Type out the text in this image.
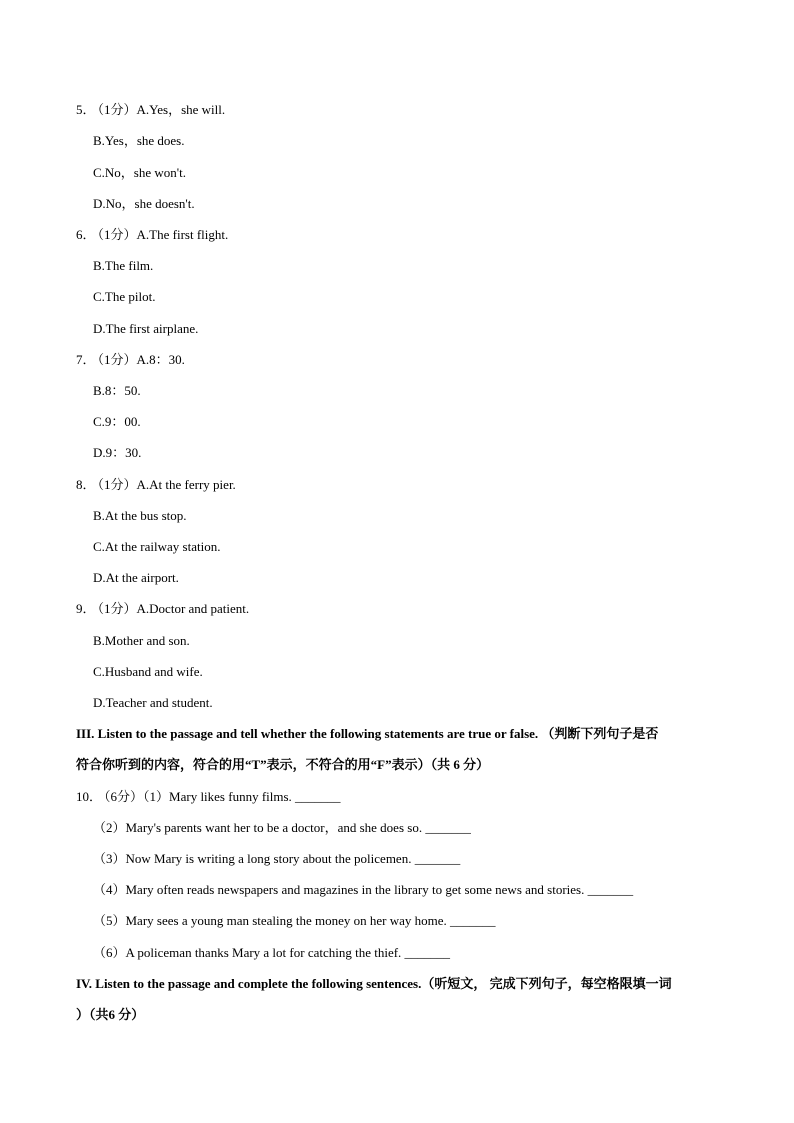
5． （1分）A.Yes，she will.
B.Yes，she does.
C.No，she won't.
D.No，she doesn't.
6． （1分）A.The first flight.
B.The film.
C.The pilot.
D.The first airplane.
7． （1分）A.8：30.
B.8：50.
C.9：00.
D.9：30.
8． （1分）A.At the ferry pier.
B.At the bus stop.
C.At the railway station.
D.At the airport.
9． （1分）A.Doctor and patient.
B.Mother and son.
C.Husband and wife.
D.Teacher and student.
III. Listen to the passage and tell whether the following statements are true or false. （判断下列句子是否
符合你听到的内容，符合的用“T”表示，不符合的用“F”表示）（共 6 分）
10． （6分）（1）Mary likes funny films. _______
（2）Mary's parents want her to be a doctor，and she does so. _______
（3）Now Mary is writing a long story about the policemen. _______
（4）Mary often reads newspapers and magazines in the library to get some news and stories. _______
（5）Mary sees a young man stealing the money on her way home. _______
（6）A policeman thanks Mary a lot for catching the thief. _______
IV. Listen to the passage and complete the following sentences.（听短文， 完成下列句子，每空格限填一词
）（共6 分）
